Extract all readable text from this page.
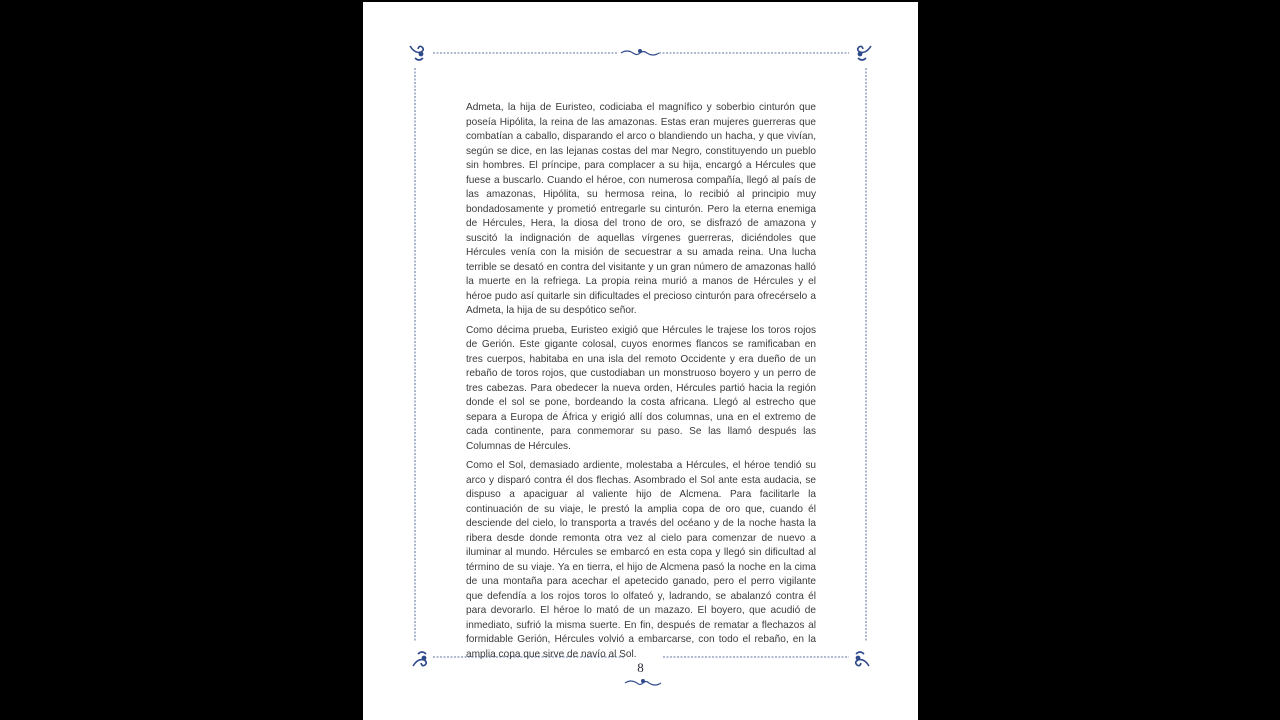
Admeta, la hija de Euristeo, codiciaba el magnífico y soberbio cinturón que poseía Hipólita, la reina de las amazonas. Estas eran mujeres guerreras que combatían a caballo, disparando el arco o blandiendo un hacha, y que vivían, según se dice, en las lejanas costas del mar Negro, constituyendo un pueblo sin hombres. El príncipe, para complacer a su hija, encargó a Hércules que fuese a buscarlo. Cuando el héroe, con numerosa compañía, llegó al país de las amazonas, Hipólita, su hermosa reina, lo recibió al principio muy bondadosamente y prometió entregarle su cinturón. Pero la eterna enemiga de Hércules, Hera, la diosa del trono de oro, se disfrazó de amazona y suscitó la indignación de aquellas vírgenes guerreras, diciéndoles que Hércules venía con la misión de secuestrar a su amada reina. Una lucha terrible se desató en contra del visitante y un gran número de amazonas halló la muerte en la refriega. La propia reina murió a manos de Hércules y el héroe pudo así quitarle sin dificultades el precioso cinturón para ofrecérselo a Admeta, la hija de su despótico señor.

Como décima prueba, Euristeo exigió que Hércules le trajese los toros rojos de Gerión. Este gigante colosal, cuyos enormes flancos se ramificaban en tres cuerpos, habitaba en una isla del remoto Occidente y era dueño de un rebaño de toros rojos, que custodiaban un monstruoso boyero y un perro de tres cabezas. Para obedecer la nueva orden, Hércules partió hacia la región donde el sol se pone, bordeando la costa africana. Llegó al estrecho que separa a Europa de África y erigió allí dos columnas, una en el extremo de cada continente, para conmemorar su paso. Se las llamó después las Columnas de Hércules.

Como el Sol, demasiado ardiente, molestaba a Hércules, el héroe tendió su arco y disparó contra él dos flechas. Asombrado el Sol ante esta audacia, se dispuso a apaciguar al valiente hijo de Alcmena. Para facilitarle la continuación de su viaje, le prestó la amplia copa de oro que, cuando él desciende del cielo, lo transporta a través del océano y de la noche hasta la ribera desde donde remonta otra vez al cielo para comenzar de nuevo a iluminar al mundo. Hércules se embarcó en esta copa y llegó sin dificultad al término de su viaje. Ya en tierra, el hijo de Alcmena pasó la noche en la cima de una montaña para acechar el apetecido ganado, pero el perro vigilante que defendía a los rojos toros lo olfateó y, ladrando, se abalanzó contra él para devorarlo. El héroe lo mató de un mazazo. El boyero, que acudió de inmediato, sufrió la misma suerte. En fin, después de rematar a flechazos al formidable Gerión, Hércules volvió a embarcarse, con todo el rebaño, en la amplia copa que sirve de navío al Sol.

8
